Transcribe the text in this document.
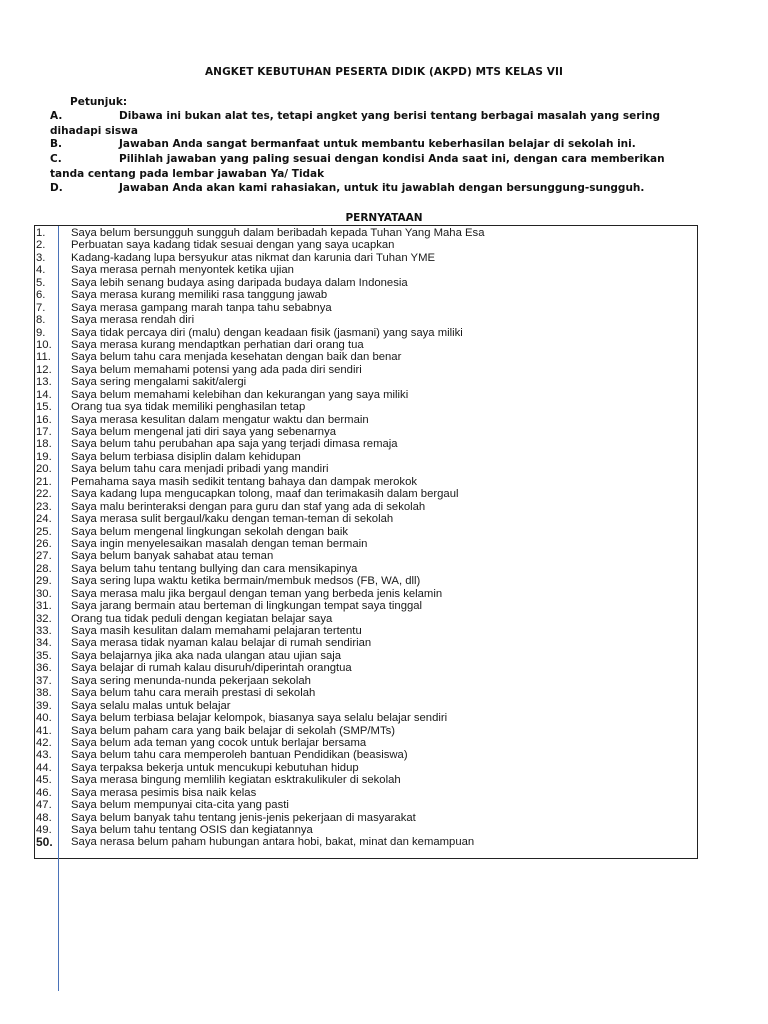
ANGKET KEBUTUHAN PESERTA DIDIK (AKPD) MTS KELAS VII
Petunjuk:
A.	Dibawa ini bukan alat tes, tetapi angket yang berisi tentang berbagai masalah yang sering dihadapi siswa
B.	Jawaban Anda sangat bermanfaat untuk membantu keberhasilan belajar di sekolah ini.
C.	Pilihlah jawaban yang paling sesuai dengan kondisi Anda saat ini, dengan cara memberikan tanda centang pada lembar jawaban Ya/ Tidak
D.	Jawaban Anda akan kami rahasiakan, untuk itu jawablah dengan bersunggung-sungguh.
PERNYATAAN
1. Saya belum bersungguh sungguh dalam beribadah kepada Tuhan Yang Maha Esa
2. Perbuatan saya kadang tidak sesuai dengan yang saya ucapkan
3. Kadang-kadang lupa bersyukur atas nikmat dan karunia dari Tuhan YME
4. Saya merasa pernah menyontek ketika ujian
5. Saya lebih senang budaya asing daripada budaya dalam Indonesia
6. Saya merasa kurang memiliki rasa tanggung jawab
7. Saya merasa gampang marah tanpa tahu sebabnya
8. Saya merasa rendah diri
9. Saya tidak percaya diri (malu) dengan keadaan fisik (jasmani) yang saya miliki
10. Saya merasa kurang mendaptkan perhatian dari orang tua
11. Saya belum tahu cara menjada kesehatan dengan baik dan benar
12. Saya belum memahami potensi yang ada pada diri sendiri
13. Saya sering mengalami sakit/alergi
14. Saya belum memahami kelebihan dan kekurangan yang saya miliki
15. Orang tua sya tidak memiliki penghasilan tetap
16. Saya merasa kesulitan dalam mengatur waktu dan bermain
17. Saya belum mengenal jati diri saya yang sebenarnya
18. Saya belum tahu perubahan apa saja yang terjadi dimasa remaja
19. Saya belum terbiasa disiplin dalam kehidupan
20. Saya belum tahu cara menjadi pribadi yang mandiri
21. Pemahama saya masih sedikit tentang bahaya dan dampak merokok
22. Saya kadang lupa mengucapkan tolong, maaf dan terimakasih dalam bergaul
23. Saya malu berinteraksi dengan para guru dan staf yang ada di sekolah
24. Saya merasa sulit bergaul/kaku dengan teman-teman di sekolah
25. Saya belum mengenal lingkungan sekolah dengan baik
26. Saya ingin menyelesaikan masalah dengan teman bermain
27. Saya belum banyak sahabat atau teman
28. Saya belum tahu tentang bullying dan cara mensikapinya
29. Saya sering lupa waktu ketika bermain/membuk medsos (FB, WA, dll)
30. Saya merasa malu jika bergaul dengan teman yang berbeda jenis kelamin
31. Saya jarang bermain atau berteman di lingkungan tempat saya tinggal
32. Orang tua tidak peduli dengan kegiatan belajar saya
33. Saya masih kesulitan dalam memahami pelajaran tertentu
34. Saya merasa tidak nyaman kalau belajar di rumah sendirian
35. Saya belajarnya jika aka nada ulangan atau ujian saja
36. Saya belajar di rumah kalau disuruh/diperintah orangtua
37. Saya sering menunda-nunda pekerjaan sekolah
38. Saya belum tahu cara meraih prestasi di sekolah
39. Saya selalu malas untuk belajar
40. Saya belum terbiasa belajar kelompok, biasanya saya selalu belajar sendiri
41. Saya belum paham cara yang baik belajar di sekolah (SMP/MTs)
42. Saya belum ada teman yang cocok untuk berlajar bersama
43. Saya belum tahu cara memperoleh bantuan Pendidikan (beasiswa)
44. Saya terpaksa bekerja untuk mencukupi kebutuhan hidup
45. Saya merasa bingung memlilih kegiatan esktrakulikuler di sekolah
46. Saya merasa pesimis bisa naik kelas
47. Saya belum mempunyai cita-cita yang pasti
48. Saya belum banyak tahu tentang jenis-jenis pekerjaan di masyarakat
49. Saya belum tahu tentang OSIS dan kegiatannya
50. Saya nerasa belum paham hubungan antara hobi, bakat, minat dan kemampuan
